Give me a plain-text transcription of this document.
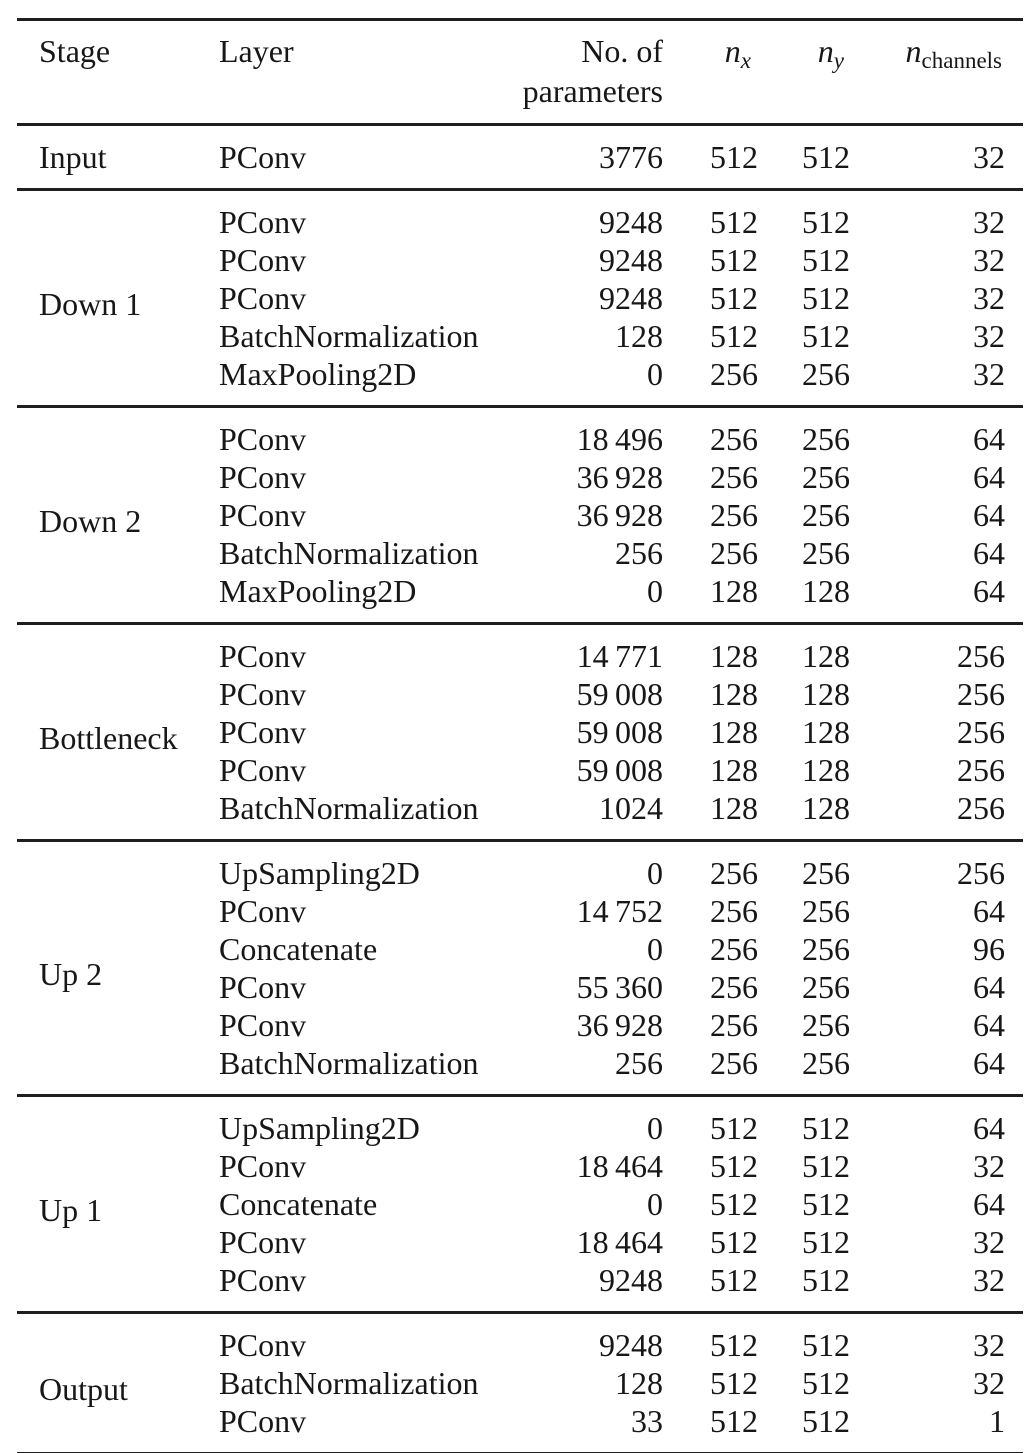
Stage	Layer	No. of
parameters	$n_x$	$n_y$	$n_{channels}$
Input	PConv	3776	512	512	32
Down 1	PConv	9248	512	512	32
	PConv	9248	512	512	32
	PConv	9248	512	512	32
	BatchNormalization	128	512	512	32
	MaxPooling2D	0	256	256	32
Down 2	PConv	18 496	256	256	64
	PConv	36 928	256	256	64
	PConv	36 928	256	256	64
	BatchNormalization	256	256	256	64
	MaxPooling2D	0	128	128	64
Bottleneck	PConv	14 771	128	128	256
	PConv	59 008	128	128	256
	PConv	59 008	128	128	256
	PConv	59 008	128	128	256
	BatchNormalization	1024	128	128	256
Up 2	UpSampling2D	0	256	256	256
	PConv	14 752	256	256	64
	Concatenate	0	256	256	96
	PConv	55 360	256	256	64
	PConv	36 928	256	256	64
	BatchNormalization	256	256	256	64
Up 1	UpSampling2D	0	512	512	64
	PConv	18 464	512	512	32
	Concatenate	0	512	512	64
	PConv	18 464	512	512	32
	PConv	9248	512	512	32
Output	PConv	9248	512	512	32
	BatchNormalization	128	512	512	32
	PConv	33	512	512	1
